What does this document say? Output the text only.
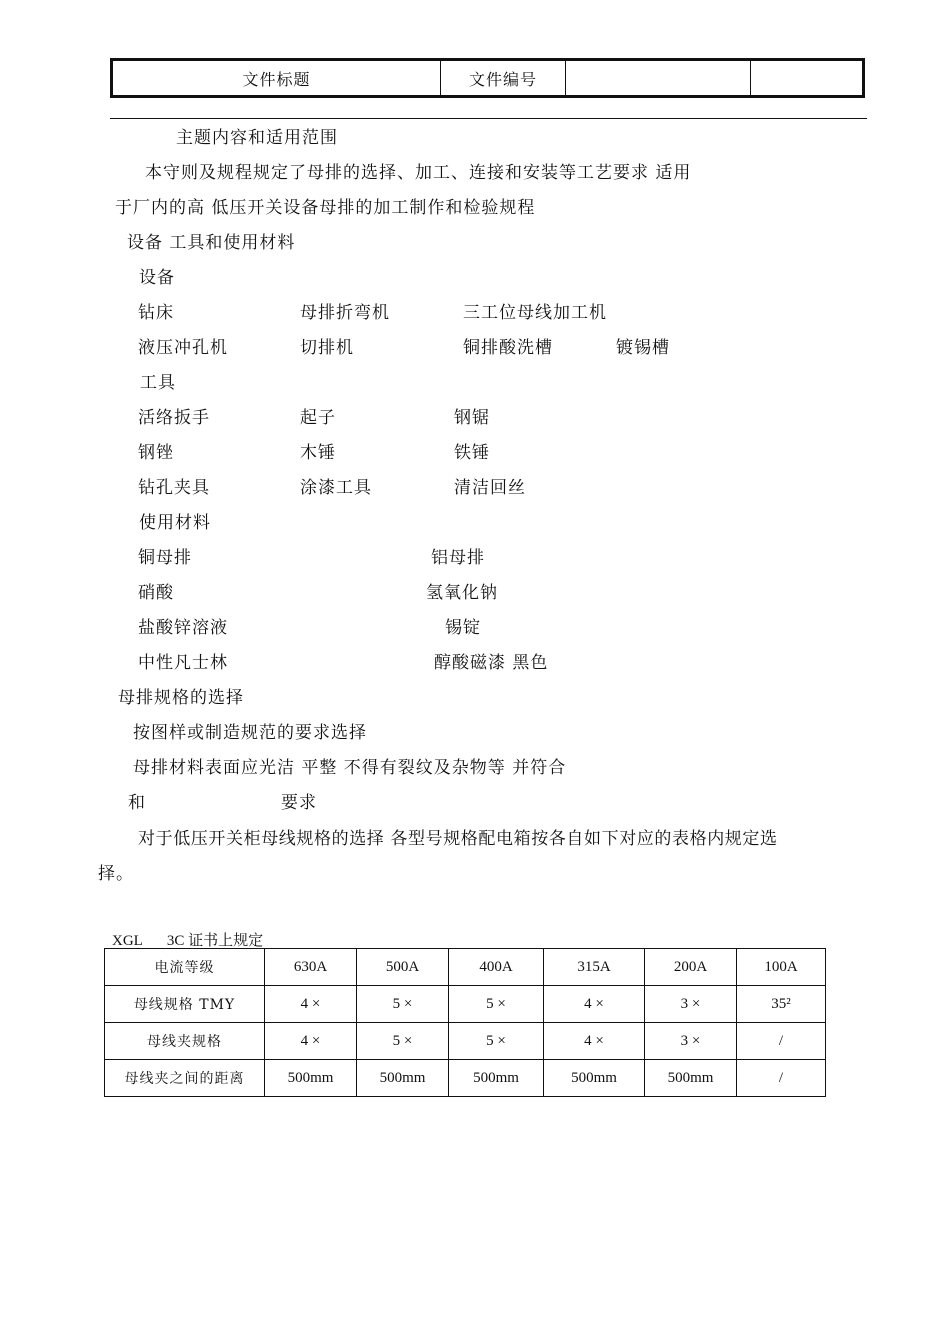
文件标题	文件编号		
主题内容和适用范围
本守则及规程规定了母排的选择、加工、连接和安装等工艺要求 适用
于厂内的高 低压开关设备母排的加工制作和检验规程
设备 工具和使用材料
设备
钻床	母排折弯机	三工位母线加工机
液压冲孔机	切排机	铜排酸洗槽	镀锡槽
工具
活络扳手	起子	钢锯
钢锉	木锤	铁锤
钻孔夹具	涂漆工具	清洁回丝
使用材料
铜母排	铝母排
硝酸	氢氧化钠
盐酸锌溶液	锡锭
中性凡士林	醇酸磁漆 黑色
母排规格的选择
按图样或制造规范的要求选择
母排材料表面应光洁 平整 不得有裂纹及杂物等 并符合
和	要求
对于低压开关柜母线规格的选择 各型号规格配电箱按各自如下对应的表格内规定选
择。
XGL 3C 证书上规定
电流等级	630A	500A	400A	315A	200A	100A
母线规格 TMY	4 ×	5 ×	5 ×	4 ×	3 ×	35²
母线夹规格	4 ×	5 ×	5 ×	4 ×	3 ×	/
母线夹之间的距离	500mm	500mm	500mm	500mm	500mm	/
